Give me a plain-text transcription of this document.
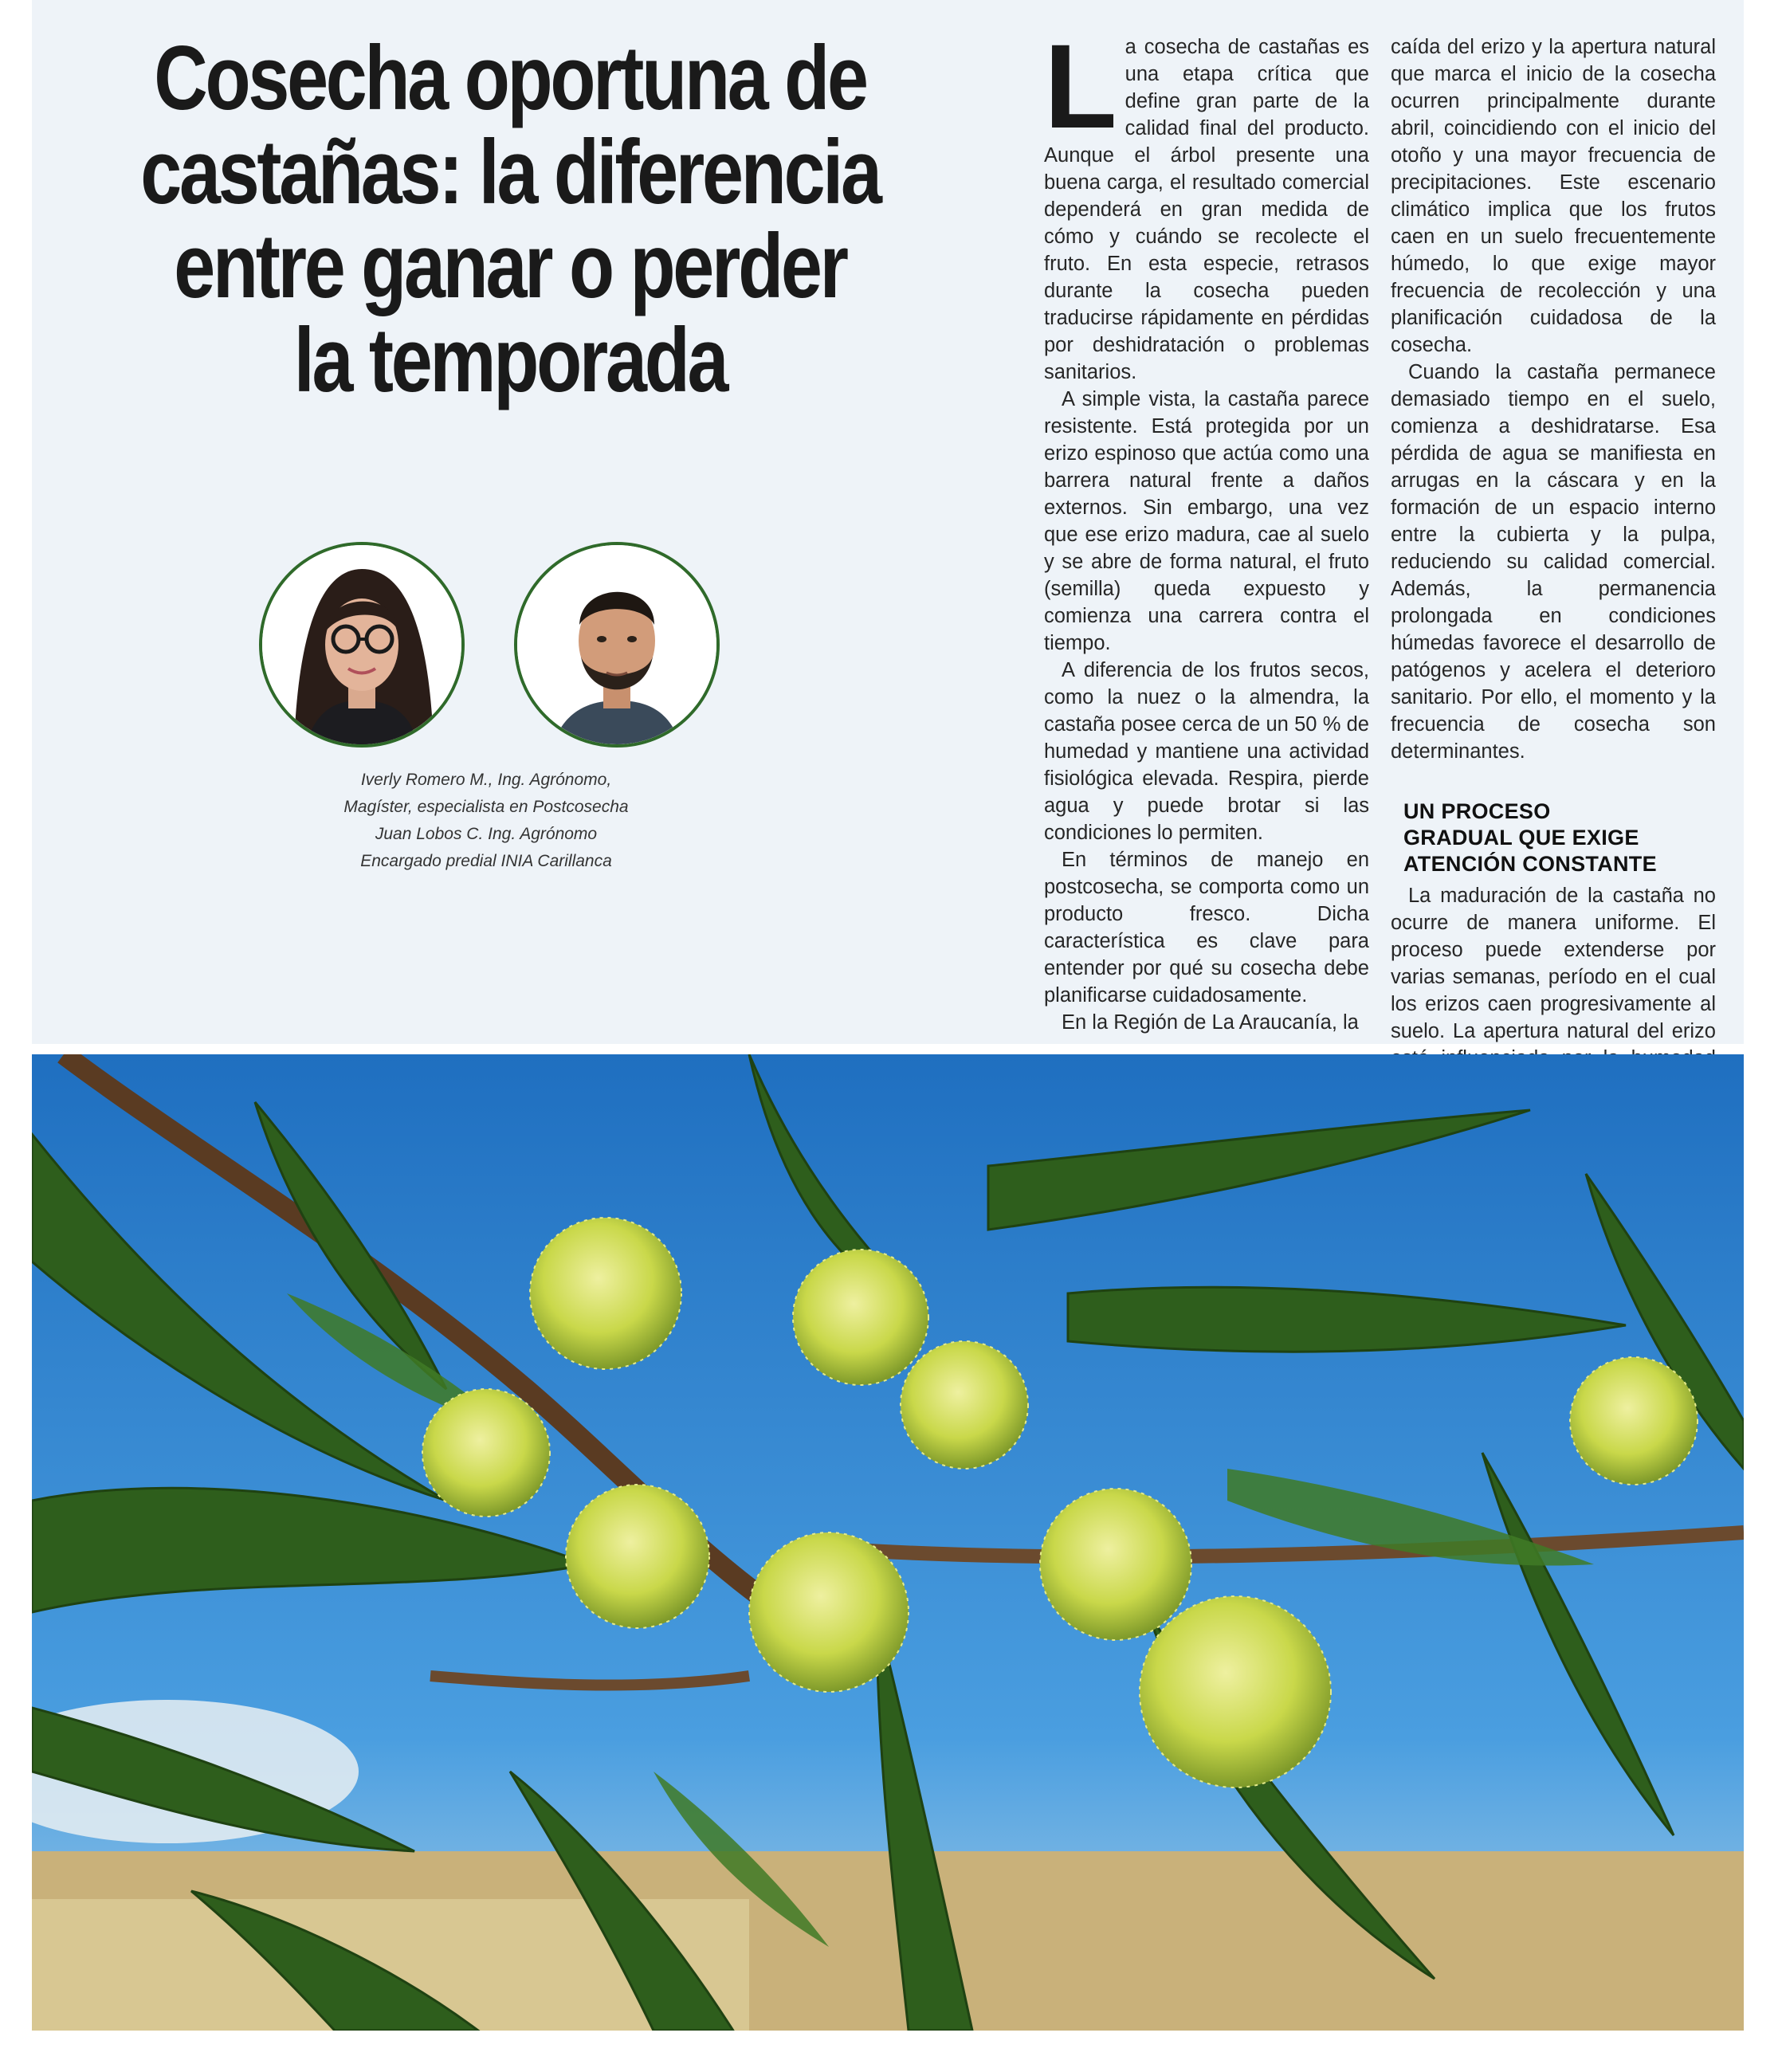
Cosecha oportuna de castañas: la diferencia entre ganar o perder la temporada
Iverly Romero M., Ing. Agrónomo,
Magíster, especialista en Postcosecha
Juan Lobos C. Ing. Agrónomo
Encargado predial INIA Carillanca

La cosecha de castañas es una etapa crítica que define gran parte de la calidad final del producto. Aunque el árbol presente una buena carga, el resultado comercial dependerá en gran medida de cómo y cuándo se recolecte el fruto. En esta especie, retrasos durante la cosecha pueden traducirse rápidamente en pérdidas por deshidratación o problemas sanitarios.

A simple vista, la castaña parece resistente. Está protegida por un erizo espinoso que actúa como una barrera natural frente a daños externos. Sin embargo, una vez que ese erizo madura, cae al suelo y se abre de forma natural, el fruto (semilla) queda expuesto y comienza una carrera contra el tiempo.

A diferencia de los frutos secos, como la nuez o la almendra, la castaña posee cerca de un 50 % de humedad y mantiene una actividad fisiológica elevada. Respira, pierde agua y puede brotar si las condiciones lo permiten.

En términos de manejo en postcosecha, se comporta como un producto fresco. Dicha característica es clave para entender por qué su cosecha debe planificarse cuidadosamente.

En la Región de La Araucanía, la

caída del erizo y la apertura natural que marca el inicio de la cosecha ocurren principalmente durante abril, coincidiendo con el inicio del otoño y una mayor frecuencia de precipitaciones. Este escenario climático implica que los frutos caen en un suelo frecuentemente húmedo, lo que exige mayor frecuencia de recolección y una planificación cuidadosa de la cosecha.

Cuando la castaña permanece demasiado tiempo en el suelo, comienza a deshidratarse. Esa pérdida de agua se manifiesta en arrugas en la cáscara y en la formación de un espacio interno entre la cubierta y la pulpa, reduciendo su calidad comercial. Además, la permanencia prolongada en condiciones húmedas favorece el desarrollo de patógenos y acelera el deterioro sanitario. Por ello, el momento y la frecuencia de cosecha son determinantes.

UN PROCESO
GRADUAL QUE EXIGE
ATENCIÓN CONSTANTE

La maduración de la castaña no ocurre de manera uniforme. El proceso puede extenderse por varias semanas, período en el cual los erizos caen progresivamente al suelo. La apertura natural del erizo
